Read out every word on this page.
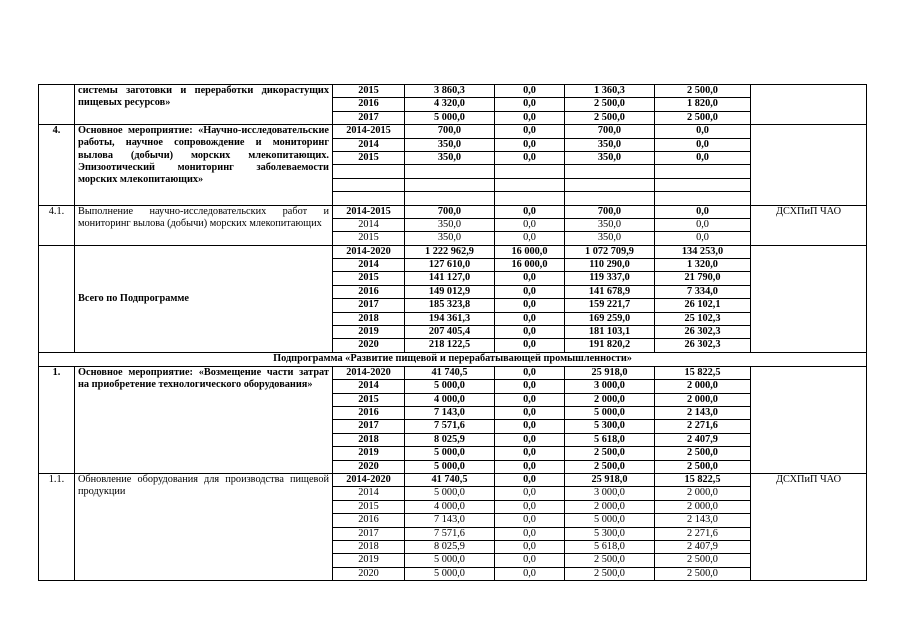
	системы заготовки и переработки дикорастущих пищевых ресурсов»	2015	3 860,3	0,0	1 360,3	2 500,0	
		2016	4 320,0	0,0	2 500,0	1 820,0	
		2017	5 000,0	0,0	2 500,0	2 500,0	
4.	Основное мероприятие: «Научно-исследовательские работы, научное сопровождение и мониторинг вылова (добычи) морских млекопитающих. Эпизоотический мониторинг заболеваемости морских млекопитающих»	2014-2015	700,0	0,0	700,0	0,0	
		2014	350,0	0,0	350,0	0,0	
		2015	350,0	0,0	350,0	0,0	

4.1.	Выполнение научно-исследовательских работ и мониторинг вылова (добычи) морских млекопитающих	2014-2015	700,0	0,0	700,0	0,0	ДСХПиП ЧАО
		2014	350,0	0,0	350,0	0,0	
		2015	350,0	0,0	350,0	0,0	
	Всего по Подпрограмме	2014-2020	1 222 962,9	16 000,0	1 072 709,9	134 253,0	
		2014	127 610,0	16 000,0	110 290,0	1 320,0	
		2015	141 127,0	0,0	119 337,0	21 790,0	
		2016	149 012,9	0,0	141 678,9	7 334,0	
		2017	185 323,8	0,0	159 221,7	26 102,1	
		2018	194 361,3	0,0	169 259,0	25 102,3	
		2019	207 405,4	0,0	181 103,1	26 302,3	
		2020	218 122,5	0,0	191 820,2	26 302,3	
Подпрограмма «Развитие пищевой и перерабатывающей промышленности»							
1.	Основное мероприятие: «Возмещение части затрат на приобретение технологического оборудования»	2014-2020	41 740,5	0,0	25 918,0	15 822,5	
		2014	5 000,0	0,0	3 000,0	2 000,0	
		2015	4 000,0	0,0	2 000,0	2 000,0	
		2016	7 143,0	0,0	5 000,0	2 143,0	
		2017	7 571,6	0,0	5 300,0	2 271,6	
		2018	8 025,9	0,0	5 618,0	2 407,9	
		2019	5 000,0	0,0	2 500,0	2 500,0	
		2020	5 000,0	0,0	2 500,0	2 500,0	
1.1.	Обновление оборудования для производства пищевой продукции	2014-2020	41 740,5	0,0	25 918,0	15 822,5	ДСХПиП ЧАО
		2014	5 000,0	0,0	3 000,0	2 000,0	
		2015	4 000,0	0,0	2 000,0	2 000,0	
		2016	7 143,0	0,0	5 000,0	2 143,0	
		2017	7 571,6	0,0	5 300,0	2 271,6	
		2018	8 025,9	0,0	5 618,0	2 407,9	
		2019	5 000,0	0,0	2 500,0	2 500,0	
		2020	5 000,0	0,0	2 500,0	2 500,0	
